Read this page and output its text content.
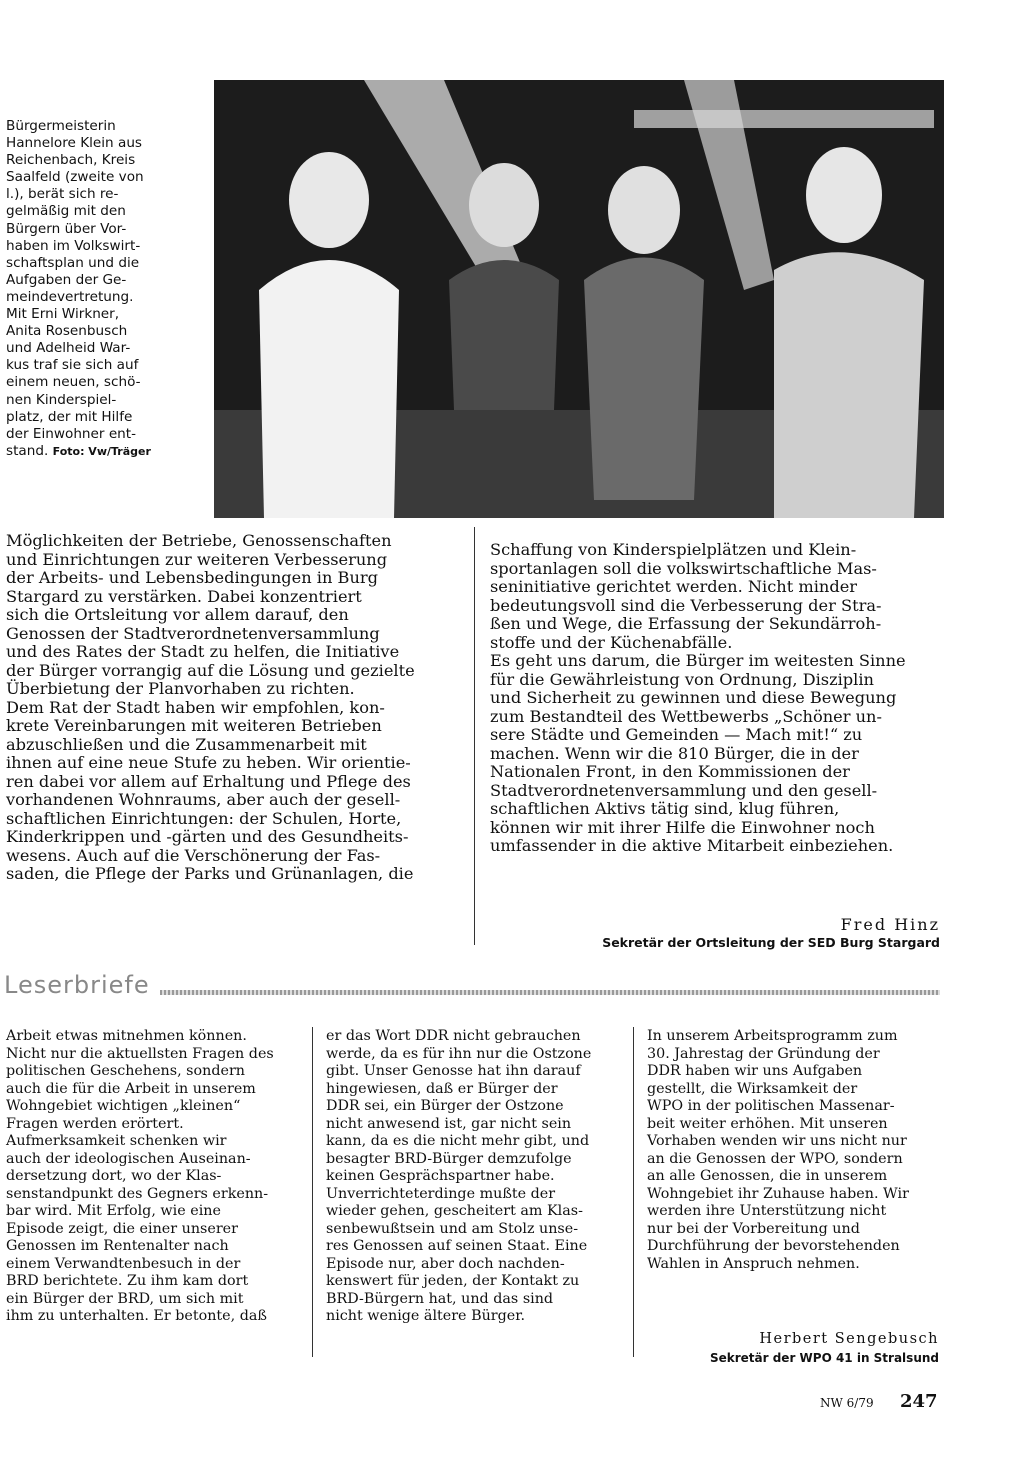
Bürgermeisterin
Hannelore Klein aus
Reichenbach, Kreis
Saalfeld (zweite von
l.), berät sich re-
gelmäßig mit den
Bürgern über Vor-
haben im Volkswirt-
schaftsplan und die
Aufgaben der Ge-
meindevertretung.
Mit Erni Wirkner,
Anita Rosenbusch
und Adelheid War-
kus traf sie sich auf
einem neuen, schö-
nen Kinderspiel-
platz, der mit Hilfe
der Einwohner ent-
stand. Foto: Vw/Träger
Möglichkeiten der Betriebe, Genossenschaften
und Einrichtungen zur weiteren Verbesserung
der Arbeits- und Lebensbedingungen in Burg
Stargard zu verstärken. Dabei konzentriert
sich die Ortsleitung vor allem darauf, den
Genossen der Stadtverordnetenversammlung
und des Rates der Stadt zu helfen, die Initiative
der Bürger vorrangig auf die Lösung und gezielte
Überbietung der Planvorhaben zu richten.
Dem Rat der Stadt haben wir empfohlen, kon-
krete Vereinbarungen mit weiteren Betrieben
abzuschließen und die Zusammenarbeit mit
ihnen auf eine neue Stufe zu heben. Wir orientie-
ren dabei vor allem auf Erhaltung und Pflege des
vorhandenen Wohnraums, aber auch der gesell-
schaftlichen Einrichtungen: der Schulen, Horte,
Kinderkrippen und -gärten und des Gesundheits-
wesens. Auch auf die Verschönerung der Fas-
saden, die Pflege der Parks und Grünanlagen, die
Schaffung von Kinderspielplätzen und Klein-
sportanlagen soll die volkswirtschaftliche Mas-
seninitiative gerichtet werden. Nicht minder
bedeutungsvoll sind die Verbesserung der Stra-
ßen und Wege, die Erfassung der Sekundärroh-
stoffe und der Küchenabfälle.
Es geht uns darum, die Bürger im weitesten Sinne
für die Gewährleistung von Ordnung, Disziplin
und Sicherheit zu gewinnen und diese Bewegung
zum Bestandteil des Wettbewerbs „Schöner un-
sere Städte und Gemeinden — Mach mit!“ zu
machen. Wenn wir die 810 Bürger, die in der
Nationalen Front, in den Kommissionen der
Stadtverordnetenversammlung und den gesell-
schaftlichen Aktivs tätig sind, klug führen,
können wir mit ihrer Hilfe die Einwohner noch
umfassender in die aktive Mitarbeit einbeziehen.
Fred Hinz
Sekretär der Ortsleitung der SED Burg Stargard
Leserbriefe
Arbeit etwas mitnehmen können.
Nicht nur die aktuellsten Fragen des
politischen Geschehens, sondern
auch die für die Arbeit in unserem
Wohngebiet wichtigen „kleinen“
Fragen werden erörtert.
Aufmerksamkeit schenken wir
auch der ideologischen Auseinan-
dersetzung dort, wo der Klas-
senstandpunkt des Gegners erkenn-
bar wird. Mit Erfolg, wie eine
Episode zeigt, die einer unserer
Genossen im Rentenalter nach
einem Verwandtenbesuch in der
BRD berichtete. Zu ihm kam dort
ein Bürger der BRD, um sich mit
ihm zu unterhalten. Er betonte, daß
er das Wort DDR nicht gebrauchen
werde, da es für ihn nur die Ostzone
gibt. Unser Genosse hat ihn darauf
hingewiesen, daß er Bürger der
DDR sei, ein Bürger der Ostzone
nicht anwesend ist, gar nicht sein
kann, da es die nicht mehr gibt, und
besagter BRD-Bürger demzufolge
keinen Gesprächspartner habe.
Unverrichteterdinge mußte der
wieder gehen, gescheitert am Klas-
senbewußtsein und am Stolz unse-
res Genossen auf seinen Staat. Eine
Episode nur, aber doch nachden-
kenswert für jeden, der Kontakt zu
BRD-Bürgern hat, und das sind
nicht wenige ältere Bürger.
In unserem Arbeitsprogramm zum
30. Jahrestag der Gründung der
DDR haben wir uns Aufgaben
gestellt, die Wirksamkeit der
WPO in der politischen Massenar-
beit weiter erhöhen. Mit unseren
Vorhaben wenden wir uns nicht nur
an die Genossen der WPO, sondern
an alle Genossen, die in unserem
Wohngebiet ihr Zuhause haben. Wir
werden ihre Unterstützung nicht
nur bei der Vorbereitung und
Durchführung der bevorstehenden
Wahlen in Anspruch nehmen.
Herbert Sengebusch
Sekretär der WPO 41 in Stralsund
NW 6/79 247
